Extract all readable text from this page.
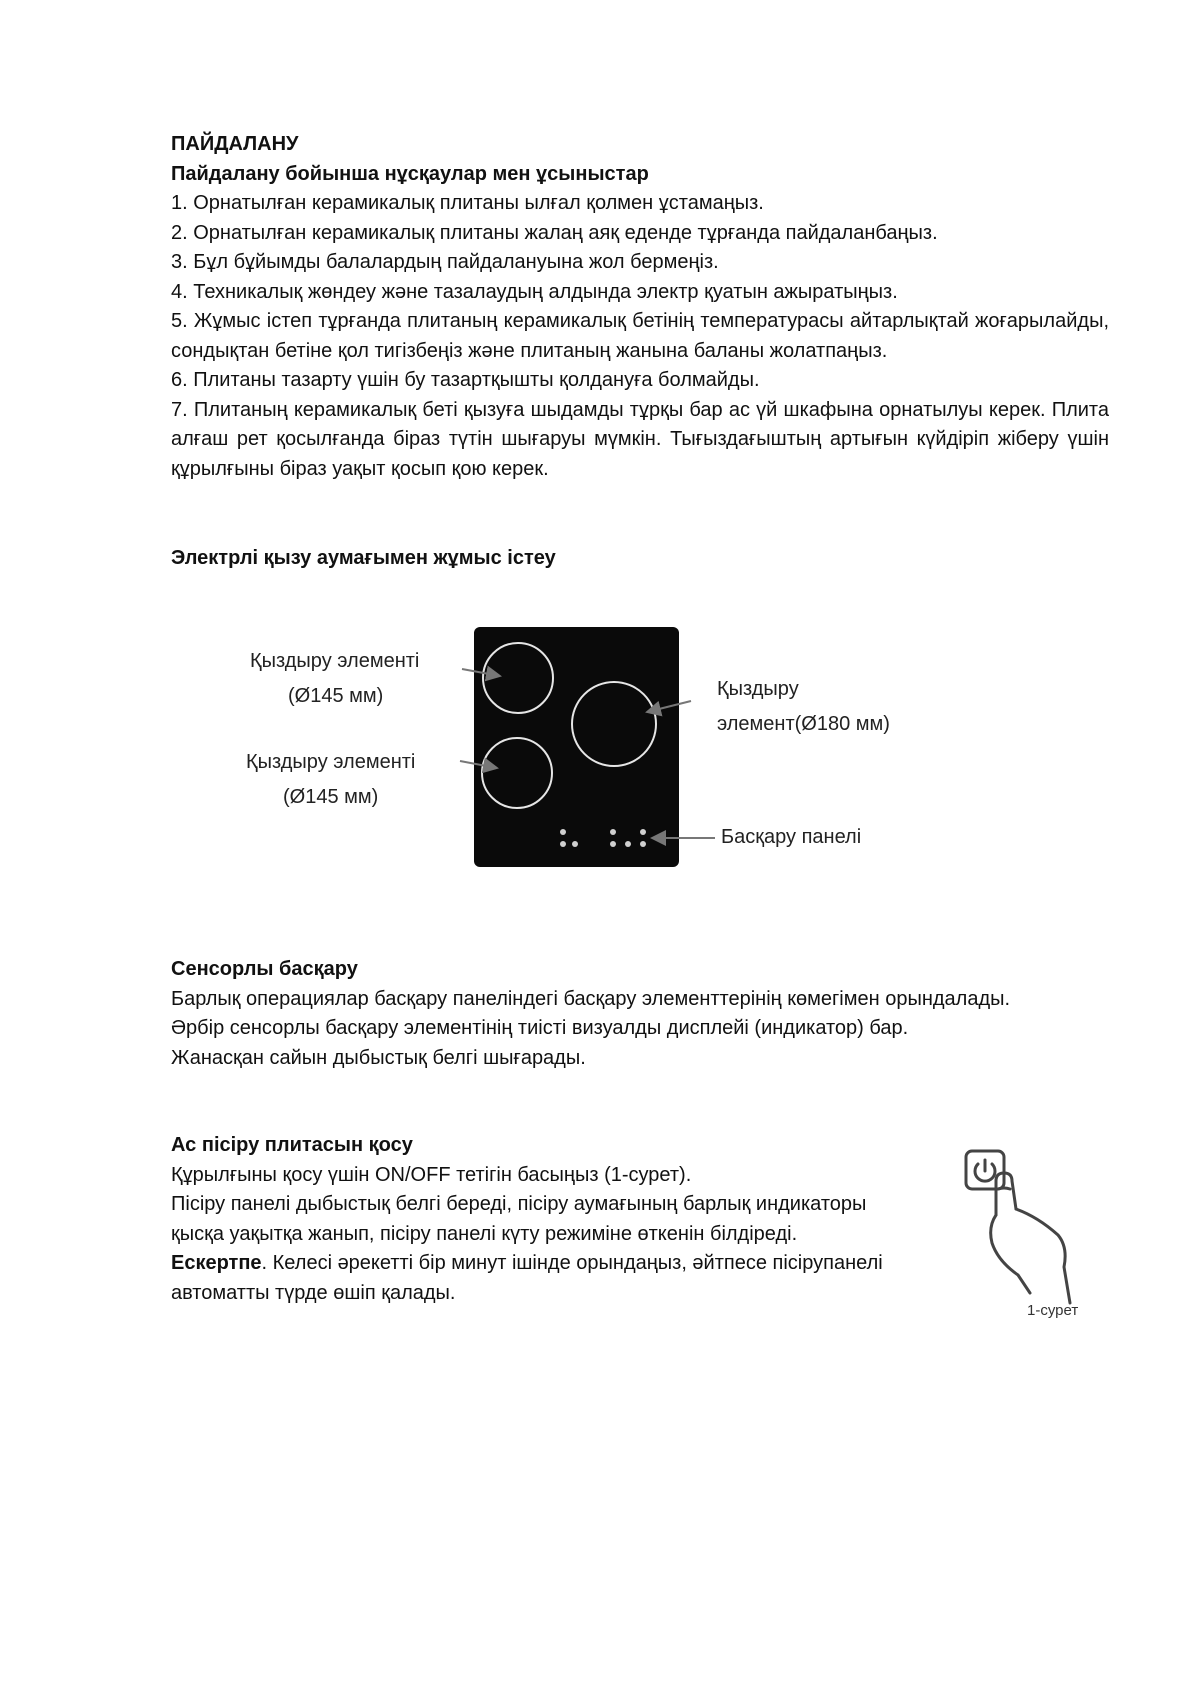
ПАЙДАЛАНУ

Пайдалану бойынша нұсқаулар мен ұсыныстар

1. Орнатылған керамикалық плитаны ылғал қолмен ұстамаңыз.

2. Орнатылған керамикалық плитаны жалаң аяқ еденде тұрғанда пайдаланбаңыз.

3. Бұл бұйымды балалардың пайдалануына жол бермеңіз.

4. Техникалық жөндеу және тазалаудың алдында электр қуатын ажыратыңыз.

5. Жұмыс істеп тұрғанда плитаның керамикалық бетінің температурасы айтарлықтай жоғарылайды, сондықтан бетіне қол тигізбеңіз және плитаның жанына баланы жолатпаңыз.

6. Плитаны тазарту үшін бу тазартқышты қолдануға болмайды.

7. Плитаның керамикалық беті қызуға шыдамды тұрқы бар ас үй шкафына орнатылуы керек. Плита алғаш рет қосылғанда біраз түтін шығаруы мүмкін. Тығыздағыштың артығын күйдіріп жіберу үшін құрылғыны біраз уақыт қосып қою керек.

Электрлі қызу аумағымен жұмыс істеу
Қыздыру элементі
(Ø145 мм)
Қыздыру элементі
(Ø145 мм)
Қыздыру
элемент(Ø180 мм)
Басқару панелі

Сенсорлы басқару

Барлық операциялар басқару панеліндегі басқару элементтерінің көмегімен орындалады.

Әрбір сенсорлы басқару элементінің тиісті визуалды дисплейі (индикатор) бар.

Жанасқан сайын дыбыстық белгі шығарады.

Ас пісіру плитасын қосу

Құрылғыны қосу үшін ON/OFF тетігін басыңыз (1-сурет).

Пісіру панелі дыбыстық белгі береді, пісіру аумағының барлық индикаторы қысқа уақытқа жанып, пісіру панелі күту режиміне өткенін білдіреді.

Ескертпе. Келесі әрекетті бір минут ішінде орындаңыз, әйтпесе пісірупанелі автоматты түрде өшіп қалады.

1-сурет
